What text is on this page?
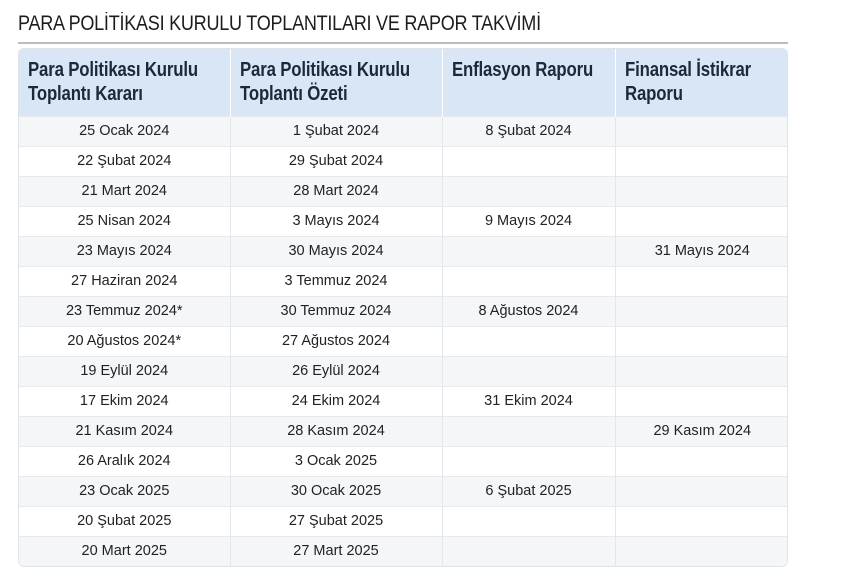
PARA POLİTİKASI KURULU TOPLANTILARI VE RAPOR TAKVİMİ
Para Politikası Kurulu Toplantı Kararı	Para Politikası Kurulu Toplantı Özeti	Enflasyon Raporu	Finansal İstikrar Raporu

25 Ocak 2024	1 Şubat 2024	8 Şubat 2024	
22 Şubat 2024	29 Şubat 2024		
21 Mart 2024	28 Mart 2024		
25 Nisan 2024	3 Mayıs 2024	9 Mayıs 2024	
23 Mayıs 2024	30 Mayıs 2024		31 Mayıs 2024
27 Haziran 2024	3 Temmuz 2024		
23 Temmuz 2024*	30 Temmuz 2024	8 Ağustos 2024	
20 Ağustos 2024*	27 Ağustos 2024		
19 Eylül 2024	26 Eylül 2024		
17 Ekim 2024	24 Ekim 2024	31 Ekim 2024	
21 Kasım 2024	28 Kasım 2024		29 Kasım 2024
26 Aralık 2024	3 Ocak 2025		
23 Ocak 2025	30 Ocak 2025	6 Şubat 2025	
20 Şubat 2025	27 Şubat 2025		
20 Mart 2025	27 Mart 2025		
